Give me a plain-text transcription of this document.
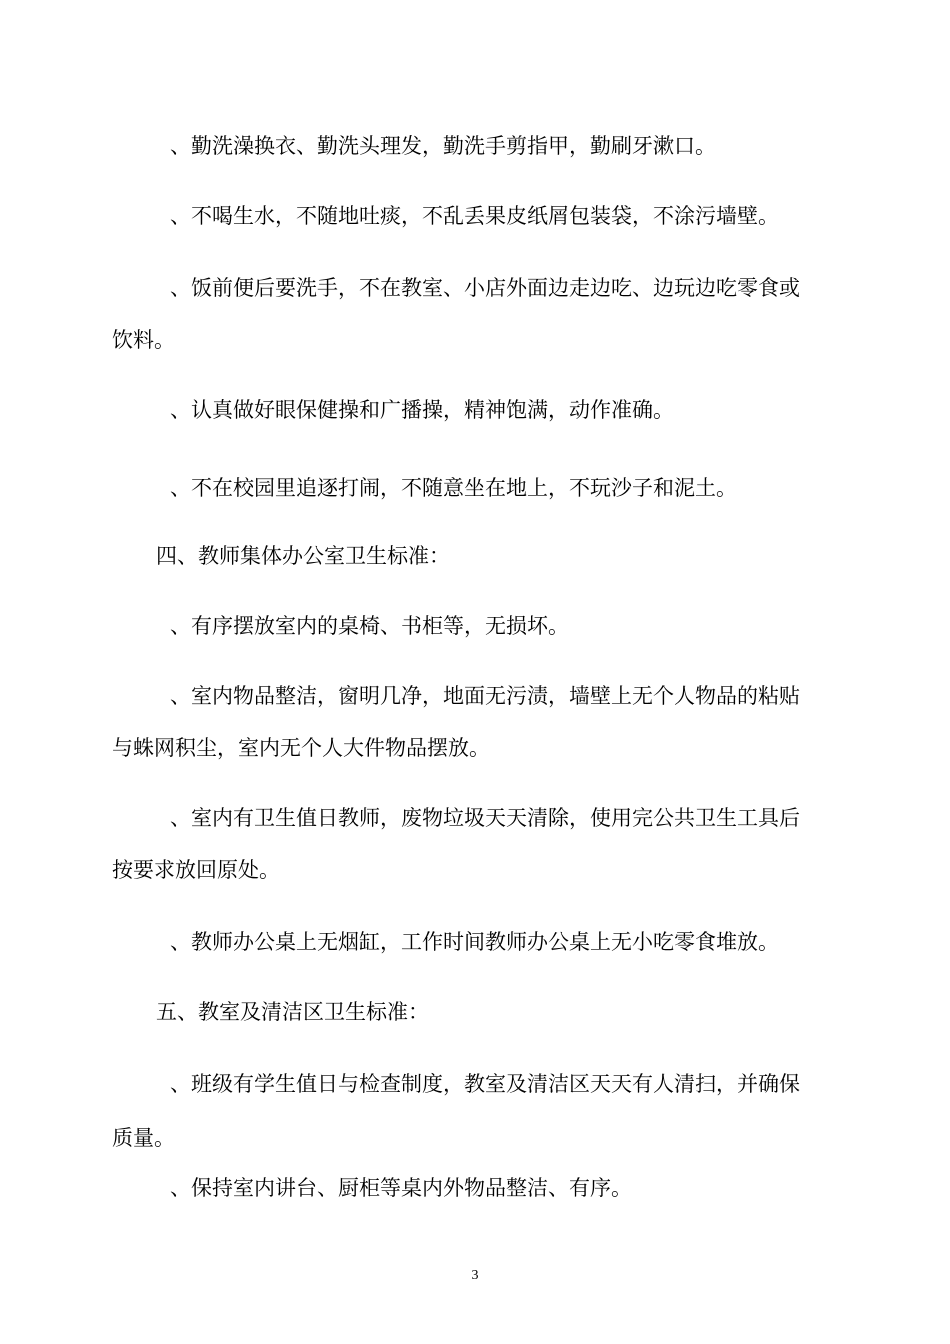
、勤洗澡换衣、勤洗头理发，勤洗手剪指甲，勤刷牙漱口。

、不喝生水，不随地吐痰，不乱丢果皮纸屑包装袋，不涂污墙壁。

、饭前便后要洗手，不在教室、小店外面边走边吃、边玩边吃零食或

饮料。

、认真做好眼保健操和广播操，精神饱满，动作准确。

、不在校园里追逐打闹，不随意坐在地上，不玩沙子和泥土。

四、教师集体办公室卫生标准：

、有序摆放室内的桌椅、书柜等，无损坏。

、室内物品整洁，窗明几净，地面无污渍，墙壁上无个人物品的粘贴

与蛛网积尘，室内无个人大件物品摆放。

、室内有卫生值日教师，废物垃圾天天清除，使用完公共卫生工具后

按要求放回原处。

、教师办公桌上无烟缸，工作时间教师办公桌上无小吃零食堆放。

五、教室及清洁区卫生标准：

、班级有学生值日与检查制度，教室及清洁区天天有人清扫，并确保

质量。

、保持室内讲台、厨柜等桌内外物品整洁、有序。

3
